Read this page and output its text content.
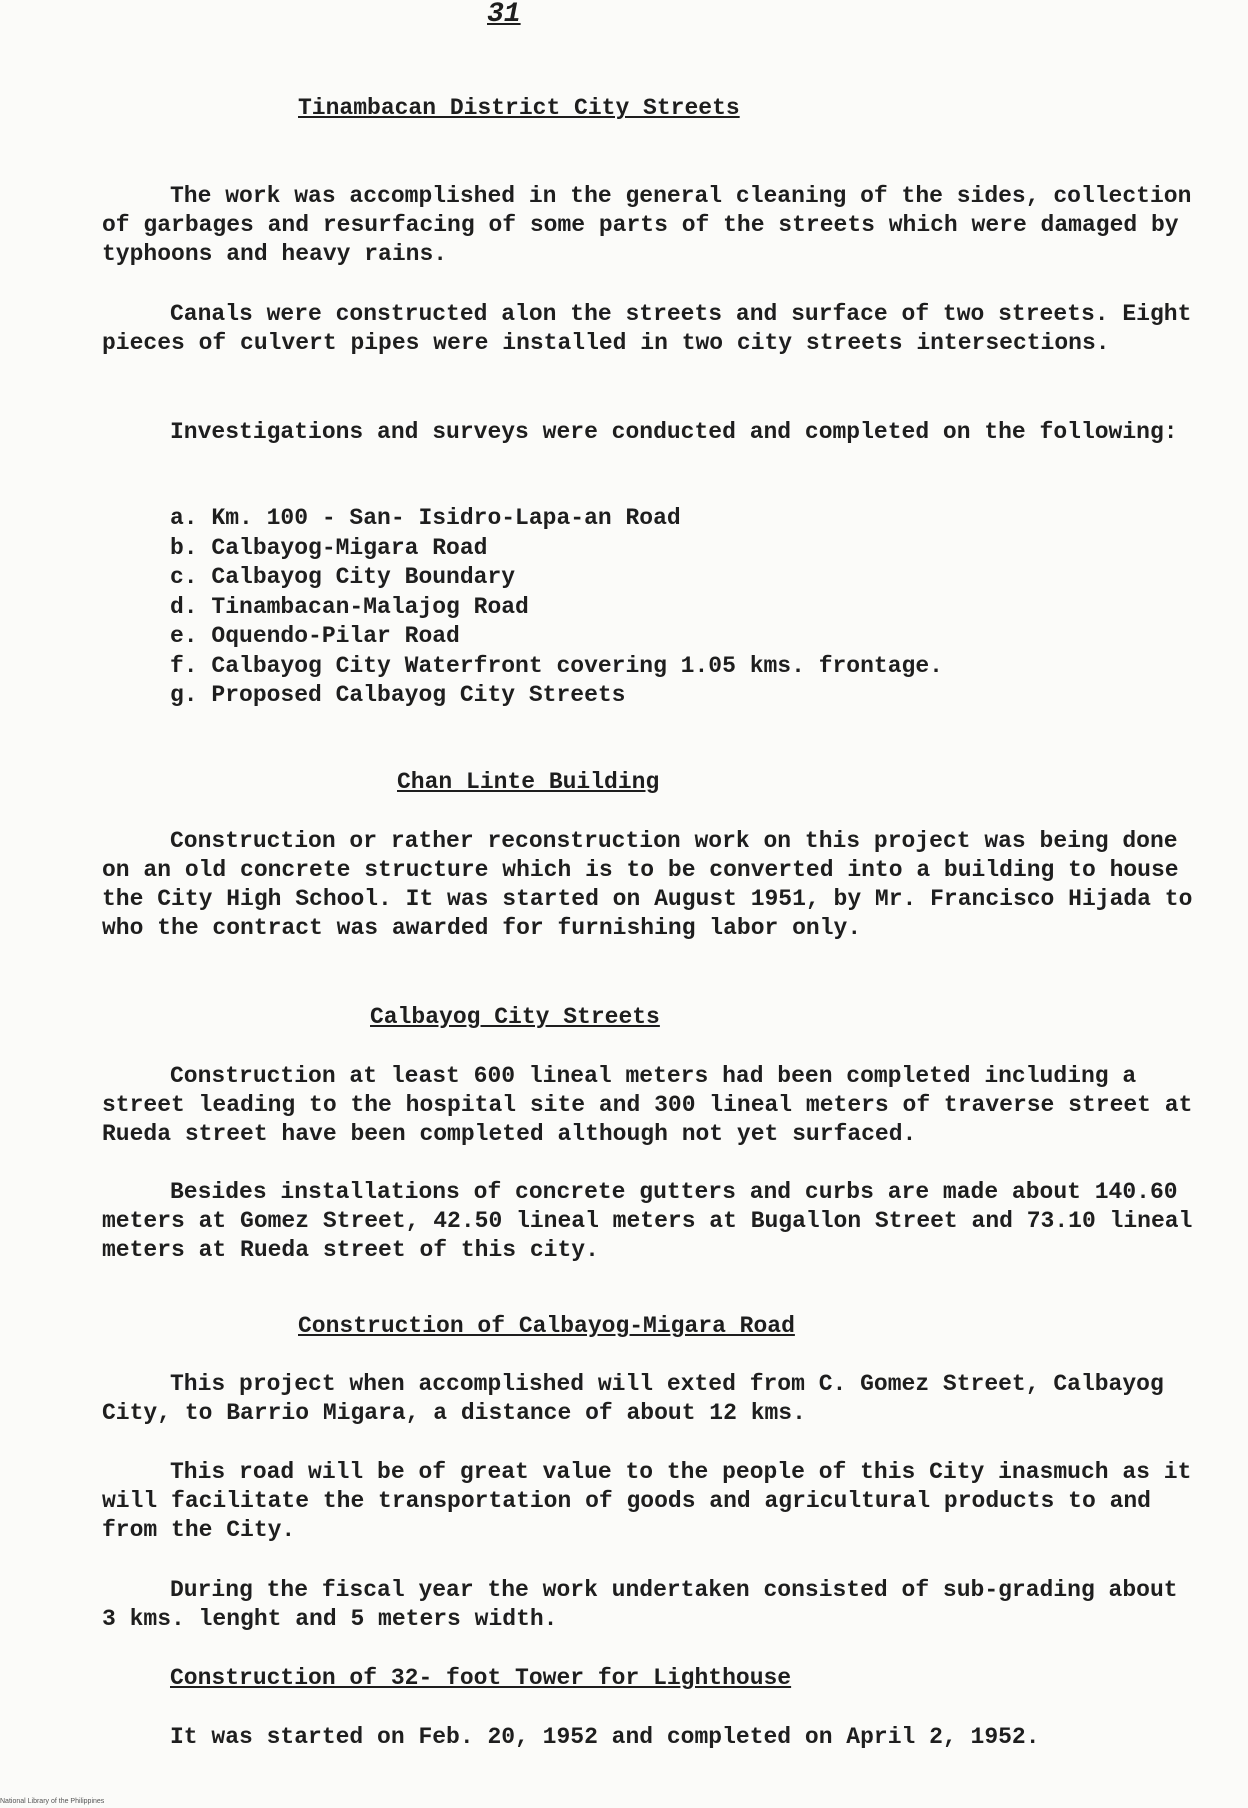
31
Tinambacan District City Streets

The work was accomplished in the general cleaning of the sides, collection of garbages and resurfacing of some parts of the streets which were damaged by typhoons and heavy rains.

Canals were constructed alon the streets and surface of two streets. Eight pieces of culvert pipes were installed in two city streets intersections.

Investigations and surveys were conducted and completed on the following:

a. Km. 100 - San- Isidro-Lapa-an Road
b. Calbayog-Migara Road
c. Calbayog City Boundary
d. Tinambacan-Malajog Road
e. Oquendo-Pilar Road
f. Calbayog City Waterfront covering 1.05 kms. frontage.
g. Proposed Calbayog City Streets
Chan Linte Building

Construction or rather reconstruction work on this project was being done on an old concrete structure which is to be converted into a building to house the City High School. It was started on August 1951, by Mr. Francisco Hijada to who the contract was awarded for furnishing labor only.

Calbayog City Streets

Construction at least 600 lineal meters had been completed including a street leading to the hospital site and 300 lineal meters of traverse street at Rueda street have been completed although not yet surfaced.

Besides installations of concrete gutters and curbs are made about 140.60 meters at Gomez Street, 42.50 lineal meters at Bugallon Street and 73.10 lineal meters at Rueda street of this city.

Construction of Calbayog-Migara Road

This project when accomplished will exted from C. Gomez Street, Calbayog City, to Barrio Migara, a distance of about 12 kms.

This road will be of great value to the people of this City inasmuch as it will facilitate the transportation of goods and agricultural products to and from the City.

During the fiscal year the work undertaken consisted of sub-grading about 3 kms. lenght and 5 meters width.

Construction of 32- foot Tower for Lighthouse

It was started on Feb. 20, 1952 and completed on April 2, 1952.

National Library of the Philippines
